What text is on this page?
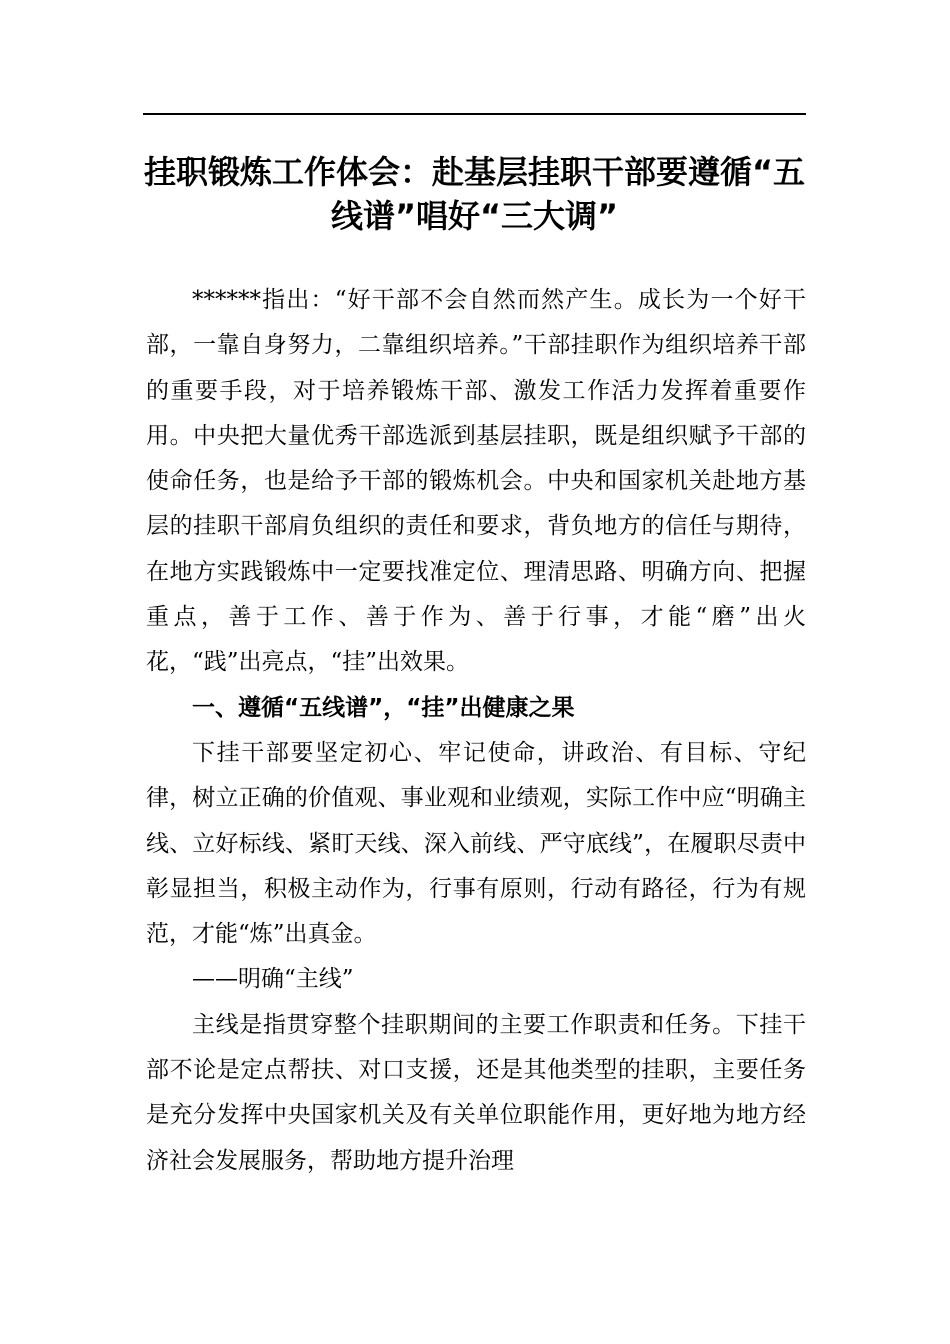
挂职锻炼工作体会：赴基层挂职干部要遵循“五线谱”唱好“三大调”

******指出：“好干部不会自然而然产生。成长为一个好干部，一靠自身努力，二靠组织培养。”干部挂职作为组织培养干部的重要手段，对于培养锻炼干部、激发工作活力发挥着重要作用。中央把大量优秀干部选派到基层挂职，既是组织赋予干部的使命任务，也是给予干部的锻炼机会。中央和国家机关赴地方基层的挂职干部肩负组织的责任和要求，背负地方的信任与期待，在地方实践锻炼中一定要找准定位、理清思路、明确方向、把握重点，善于工作、善于作为、善于行事，才能“磨”出火花，“践”出亮点，“挂”出效果。

一、遵循“五线谱”，“挂”出健康之果

下挂干部要坚定初心、牢记使命，讲政治、有目标、守纪律，树立正确的价值观、事业观和业绩观，实际工作中应“明确主线、立好标线、紧盯天线、深入前线、严守底线”，在履职尽责中彰显担当，积极主动作为，行事有原则，行动有路径，行为有规范，才能“炼”出真金。

——明确“主线”

主线是指贯穿整个挂职期间的主要工作职责和任务。下挂干部不论是定点帮扶、对口支援，还是其他类型的挂职，主要任务是充分发挥中央国家机关及有关单位职能作用，更好地为地方经济社会发展服务，帮助地方提升治理
